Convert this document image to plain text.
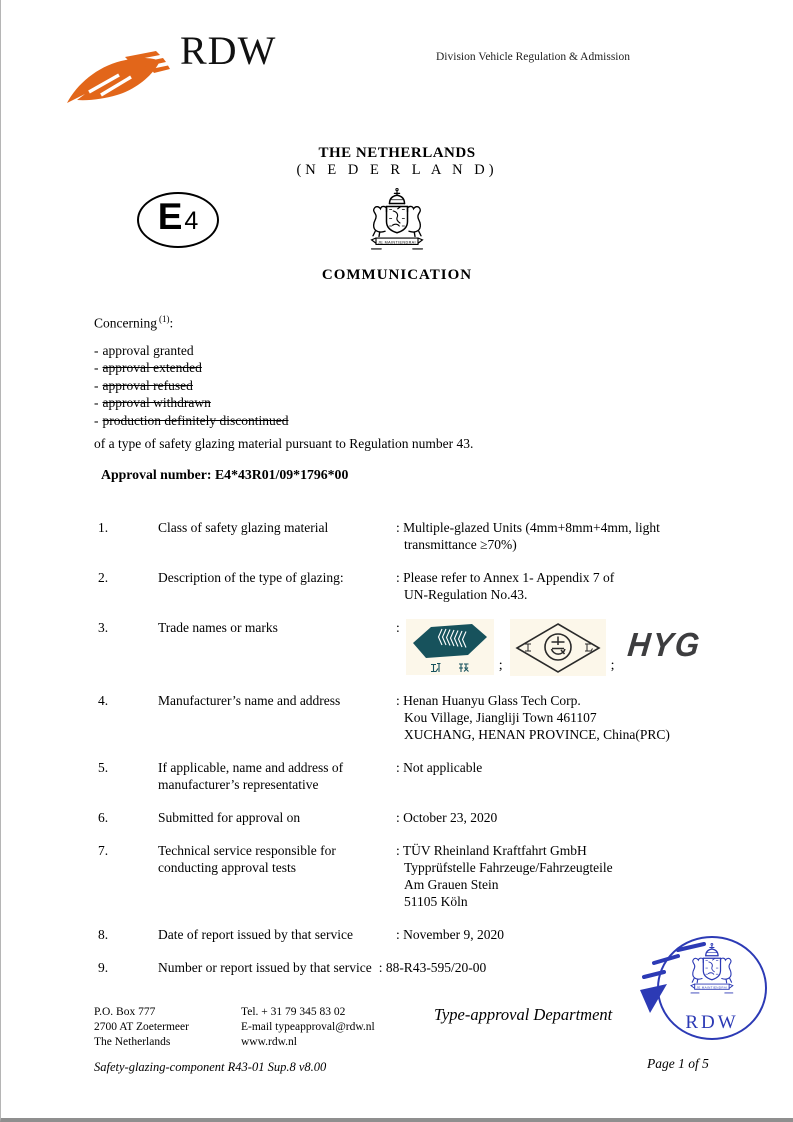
RDW	Division Vehicle Regulation & Admission
THE NETHERLANDS
(N E D E R L A N D)
E 4
JE MAINTIENDRAI
COMMUNICATION
Concerning $^{(1)}$:
- approval granted
- approval extended
- approval refused
- approval withdrawn
- production definitely discontinued
of a type of safety glazing material pursuant to Regulation number 43.
Approval number: E4*43R01/09*1796*00
1.	Class of safety glazing material	: Multiple-glazed Units (4mm+8mm+4mm, light
transmittance ≥70%)
2.	Description of the type of glazing:	: Please refer to Annex 1- Appendix 7 of
UN-Regulation No.43.
3.	Trade names or marks	:
;	;
HYG
4.	Manufacturer’s name and address	: Henan Huanyu Glass Tech Corp.
Kou Village, Jiangliji Town 461107
XUCHANG, HENAN PROVINCE, China(PRC)
5.	If applicable, name and address of manufacturer’s representative
: Not applicable
6.	Submitted for approval on	: October 23, 2020
7.	Technical service responsible for conducting approval tests
: TÜV Rheinland Kraftfahrt GmbH
Typprüfstelle Fahrzeuge/Fahrzeugteile
Am Grauen Stein
51105 Köln
8.	Date of report issued by that service	: November 9, 2020
9.	Number or report issued by that service : 88-R43-595/20-00
P.O. Box 777
2700 AT Zoetermeer
The Netherlands
Tel. + 31 79 345 83 02
E-mail typeapproval@rdw.nl
www.rdw.nl
Type-approval Department
Safety-glazing-component R43-01 Sup.8 v8.00	Page 1 of 5
JE MAINTIENDRAI
RDW
